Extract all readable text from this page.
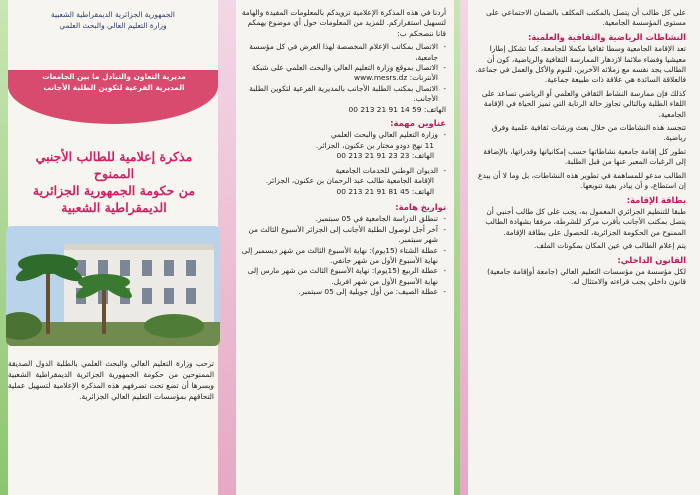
الجمهورية الجزائرية الديمقراطية الشعبية
وزارة التعليم العالي والبحث العلمي
مديرية التعاون والتبادل ما بين الجامعات
المديرية الفرعية لتكوين الطلبة الأجانب
مذكرة إعلامية للطالب الأجنبي الممنوح
من حكومة الجمهورية الجزائرية
الديمقراطية الشعبية
ترحب وزارة التعليم العالي والبحث العلمي بالطلبة الدول الصديقة الممنوحين من حكومة الجمهورية الجزائرية الديمقراطية الشعبية ويسرها أن تضع تحت تصرفهم هذه المذكرة الإعلامية لتسهيل عملية التحاقهم بمؤسسات التعليم العالي الجزائرية.

أردنا في هذه المذكرة الإعلامية تزويدكم بالمعلومات المفيدة والهامة لتسهيل استقراركم. للمزيد من المعلومات حول أي موضوع يهمكم قانا ننصحكم ب:

- الاتصال بمكاتب الإعلام المخصصة لهذا الغرض في كل مؤسسة جامعية،
- الاتصال بموقع وزارة التعليم العالي والبحث العلمي على شبكة الأنترنات: www.mesrs.dz
- الاتصال بمكتب الطلبة الأجانب بالمديرية الفرعية لتكوين الطلبة الأجانب.

الهاتف: 59 14 91 21 213 00

عناوين مهمة:
- وزارة التعليم العالي والبحث العلمي
11 نهج دودو مختار بن عكنون، الجزائر.
الهاتف: 23 23 91 21 213 00
- الديوان الوطني للخدمات الجامعية
الإقامة الجامعية طالب عبد الرحمان بن عكنون، الجزائر.
الهاتف: 45 81 91 21 213 00
تواريخ هامة:
- تنطلق الدراسة الجامعية في 05 سبتمبر.
- آخر أجل لوصول الطلبة الأجانب إلى الجزائر الأسبوع الثالث من شهر سبتمبر.
- عطلة الشتاء (15يوم): نهاية الأسبوع الثالث من شهر ديسمبر إلى نهاية الأسبوع الأول من شهر جانفي.
- عطلة الربيع (15يوم): نهاية الأسبوع الثالث من شهر مارس إلى نهاية الأسبوع الأول من شهر افريل.
- عطلة الصيف: من أول جويلية إلى 05 سبتمبر.

على كل طالب أن يتصل بالمكتب المكلف بالضمان الاجتماعي على مستوى المؤسسة الجامعية.

النشاطات الرياضية والثقافية والعلمية:

تعد الإقامة الجامعية وسطا ثقافيا مكملا للجامعة، كما تشكل إطارا معيشيا وفضاء ملائما لازدهار الممارسة الثقافية والرياضية، كون أن الطالب يجد نفسه مع زملائه الآخرين، للنوم والأكل والعمل في جماعة. فالعلاقة السائدة هي علاقة ذات طبيعة جماعية.

كذلك فإن ممارسة النشاط الثقافي والعلمي أو الرياضي تساعد على اللقاء الطلبة وبالتالي تجاوز حالة الرتابة التي تميز الحياة في الإقامة الجامعية.

تتجسد هذه النشاطات من خلال بعث ورشات ثقافية علمية وفرق رياضية.

تطور كل إقامة جامعية نشاطاتها حسب إمكانياتها وقدراتها، بالإضافة إلى الرغبات المعبر عنها من قبل الطلبة.

الطالب مدعو للمساهمة في تطوير هذه النشاطات، بل وما لا أن يبدع إن استطاع، و أن يبادر بفية تنويعها.

بطاقة الإقامة:

طبقا للتنظيم الجزائري المعمول به، يجب على كل طالب أجنبي أن يتصل بمكتب الأجانب بأقرب مركز للشرطة، مرفقا بشهادة الطالب الممنوح من الحكومة الجزائرية، للحصول على بطاقة الإقامة.

يتم إعلام الطالب في عين المكان بمكونات الملف.

القانون الداخلي:

لكل مؤسسة من مؤسسات التعليم العالي (جامعة أوإقامة جامعية) قانون داخلي يجب قراءته والامتثال له.
